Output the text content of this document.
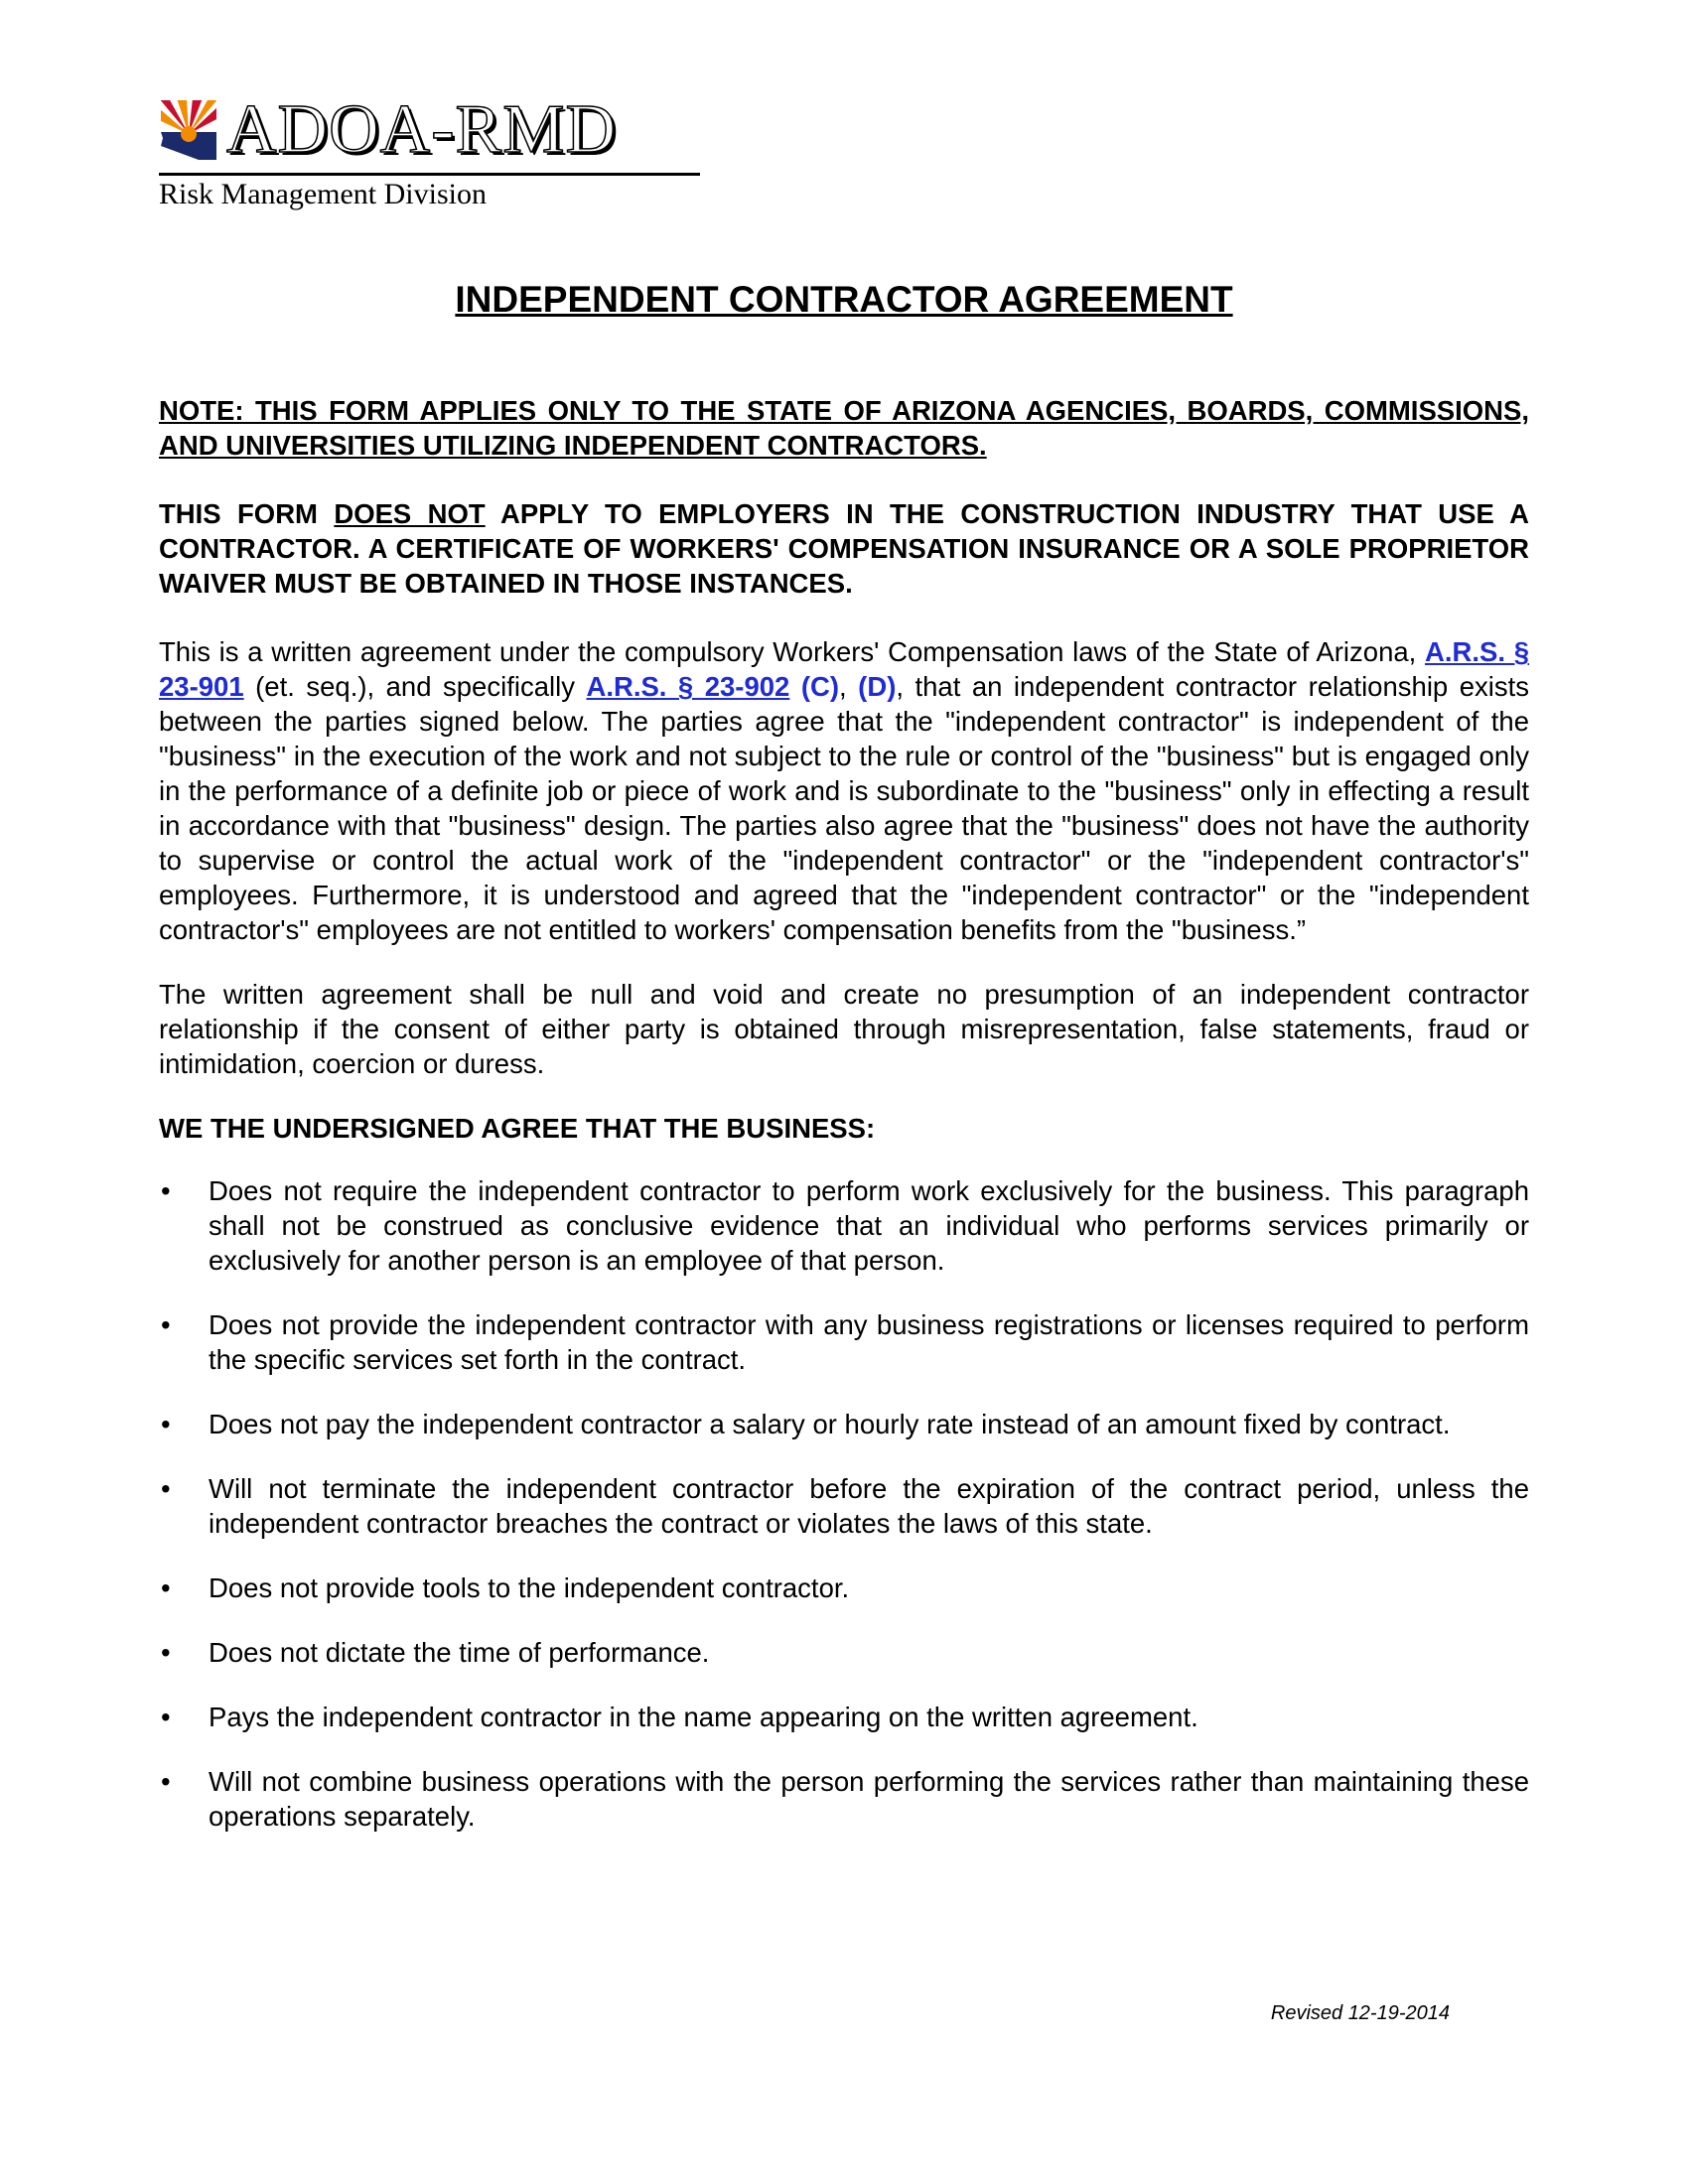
ADOA-RMD
Risk Management Division
INDEPENDENT CONTRACTOR AGREEMENT
NOTE: THIS FORM APPLIES ONLY TO THE STATE OF ARIZONA AGENCIES, BOARDS, COMMISSIONS, AND UNIVERSITIES UTILIZING INDEPENDENT CONTRACTORS.
THIS FORM DOES NOT APPLY TO EMPLOYERS IN THE CONSTRUCTION INDUSTRY THAT USE A CONTRACTOR. A CERTIFICATE OF WORKERS' COMPENSATION INSURANCE OR A SOLE PROPRIETOR WAIVER MUST BE OBTAINED IN THOSE INSTANCES.

This is a written agreement under the compulsory Workers' Compensation laws of the State of Arizona, A.R.S. § 23-901 (et. seq.), and specifically A.R.S. § 23-902 (C), (D), that an independent contractor relationship exists between the parties signed below. The parties agree that the "independent contractor" is independent of the "business" in the execution of the work and not subject to the rule or control of the "business" but is engaged only in the performance of a definite job or piece of work and is subordinate to the "business" only in effecting a result in accordance with that "business" design. The parties also agree that the "business" does not have the authority to supervise or control the actual work of the "independent contractor" or the "independent contractor's" employees. Furthermore, it is understood and agreed that the "independent contractor" or the "independent contractor's" employees are not entitled to workers' compensation benefits from the "business.”

The written agreement shall be null and void and create no presumption of an independent contractor relationship if the consent of either party is obtained through misrepresentation, false statements, fraud or intimidation, coercion or duress.

WE THE UNDERSIGNED AGREE THAT THE BUSINESS:
• Does not require the independent contractor to perform work exclusively for the business. This paragraph shall not be construed as conclusive evidence that an individual who performs services primarily or exclusively for another person is an employee of that person.
• Does not provide the independent contractor with any business registrations or licenses required to perform the specific services set forth in the contract.
• Does not pay the independent contractor a salary or hourly rate instead of an amount fixed by contract.
• Will not terminate the independent contractor before the expiration of the contract period, unless the independent contractor breaches the contract or violates the laws of this state.
• Does not provide tools to the independent contractor.
• Does not dictate the time of performance.
• Pays the independent contractor in the name appearing on the written agreement.
• Will not combine business operations with the person performing the services rather than maintaining these operations separately.
Revised 12-19-2014
